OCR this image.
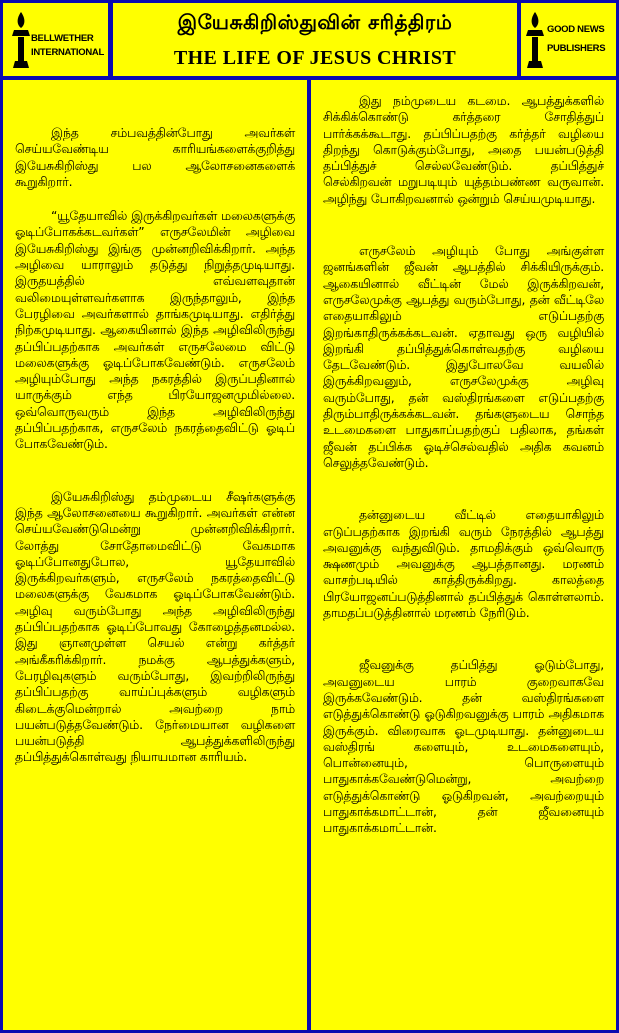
BELLWETHER
INTERNATIONAL
இயேசுகிறிஸ்துவின் சரித்திரம்
THE LIFE OF JESUS CHRIST
GOOD NEWS
PUBLISHERS

இந்த சம்பவத்தின்போது அவர்கள் செய்யவேண்டிய காரியங்களைக்குறித்து இயேசுகிறிஸ்து பல ஆலோசனைகளைக் கூறுகிறார்.

“யூதேயாவில் இருக்கிறவர்கள் மலைகளுக்கு ஓடிப்போகக்கடவர்கள்” எருசலேமின் அழிவை இயேசுகிறிஸ்து இங்கு முன்னறிவிக்கிறார். அந்த அழிவை யாராலும் தடுத்து நிறுத்தமுடியாது. இருதயத்தில் எவ்வளவுதான் வலிமையுள்ளவர்களாக இருந்தாலும், இந்த பேரழிவை அவர்களால் தாங்கமுடியாது. எதிர்த்து நிற்கமுடியாது. ஆகையினால் இந்த அழிவிலிருந்து தப்பிப்பதற்காக அவர்கள் எருசலேமை விட்டு மலைகளுக்கு ஓடிப்போகவேண்டும். எருசலேம் அழியும்போது அந்த நகரத்தில் இருப்பதினால் யாருக்கும் எந்த பிரயோஜனமுமில்லை. ஒவ்வொருவரும் இந்த அழிவிலிருந்து தப்பிப்பதற்காக, எருசலேம் நகரத்தைவிட்டு ஓடிப் போகவேண்டும்.

இயேசுகிறிஸ்து தம்முடைய சீஷர்களுக்கு இந்த ஆலோசனையை கூறுகிறார். அவர்கள் என்ன செய்யவேண்டுமென்று முன்னறிவிக்கிறார். லோத்து சோதோமைவிட்டு வேகமாக ஓடிப்போனதுபோல, யூதேயாவில் இருக்கிறவர்களும், எருசலேம் நகரத்தைவிட்டு மலைகளுக்கு வேகமாக ஓடிப்போகவேண்டும். அழிவு வரும்போது அந்த அழிவிலிருந்து தப்பிப்பதற்காக ஓடிப்போவது கோழைத்தனமல்ல. இது ஞானமுள்ள செயல் என்று கர்த்தர் அங்கீகரிக்கிறார். நமக்கு ஆபத்துக்களும், பேரழிவுகளும் வரும்போது, இவற்றிலிருந்து தப்பிப்பதற்கு வாய்ப்புக்களும் வழிகளும் கிடைக்குமென்றால் அவற்றை நாம் பயன்படுத்தவேண்டும். நேர்மையான வழிகளை பயன்படுத்தி ஆபத்துக்களிலிருந்து தப்பித்துக்கொள்வது நியாயமான காரியம்.

இது நம்முடைய கடமை. ஆபத்துக்களில் சிக்கிக்கொண்டு கர்த்தரை சோதித்துப் பார்க்கக்கூடாது. தப்பிப்பதற்கு கர்த்தர் வழியை திறந்து கொடுக்கும்போது, அதை பயன்படுத்தி தப்பித்துச் செல்லவேண்டும். தப்பித்துச் செல்கிறவன் மறுபடியும் யுத்தம்பண்ண வருவான். அழிந்து போகிறவனால் ஒன்றும் செய்யமுடியாது.

எருசலேம் அழியும் போது அங்குள்ள ஜனங்களின் ஜீவன் ஆபத்தில் சிக்கியிருக்கும். ஆகையினால் வீட்டின் மேல் இருக்கிறவன், எருசலேமுக்கு ஆபத்து வரும்போது, தன் வீட்டிலே எதையாகிலும் எடுப்பதற்கு இறங்காதிருக்கக்கடவன். ஏதாவது ஒரு வழியில் இறங்கி தப்பித்துக்கொள்வதற்கு வழியை தேடவேண்டும். இதுபோலவே வயலில் இருக்கிறவனும், எருசலேமுக்கு அழிவு வரும்போது, தன் வஸ்திரங்களை எடுப்பதற்கு திரும்பாதிருக்கக்கடவன். தங்களுடைய சொந்த உடமைகளை பாதுகாப்பதற்குப் பதிலாக, தங்கள் ஜீவன் தப்பிக்க ஓடிச்செல்வதில் அதிக கவனம் செலுத்தவேண்டும்.

தன்னுடைய வீட்டில் எதையாகிலும் எடுப்பதற்காக இறங்கி வரும் நேரத்தில் ஆபத்து அவனுக்கு வந்துவிடும். தாமதிக்கும் ஒவ்வொரு க்ஷணமும் அவனுக்கு ஆபத்தானது. மரணம் வாசற்படியில் காத்திருக்கிறது. காலத்தை பிரயோஜனப்படுத்தினால் தப்பித்துக் கொள்ளலாம். தாமதப்படுத்தினால் மரணம் நேரிடும்.

ஜீவனுக்கு தப்பித்து ஓடும்போது, அவனுடைய பாரம் குறைவாகவே இருக்கவேண்டும். தன் வஸ்திரங்களை எடுத்துக்கொண்டு ஓடுகிறவனுக்கு பாரம் அதிகமாக இருக்கும். விரைவாக ஓடமுடியாது. தன்னுடைய வஸ்திரங் களையும், உடமைகளையும், பொன்னையும், பொருளையும் பாதுகாக்கவேண்டுமென்று, அவற்றை எடுத்துக்கொண்டு ஓடுகிறவன், அவற்றையும் பாதுகாக்கமாட்டான், தன் ஜீவனையும் பாதுகாக்கமாட்டான்.
